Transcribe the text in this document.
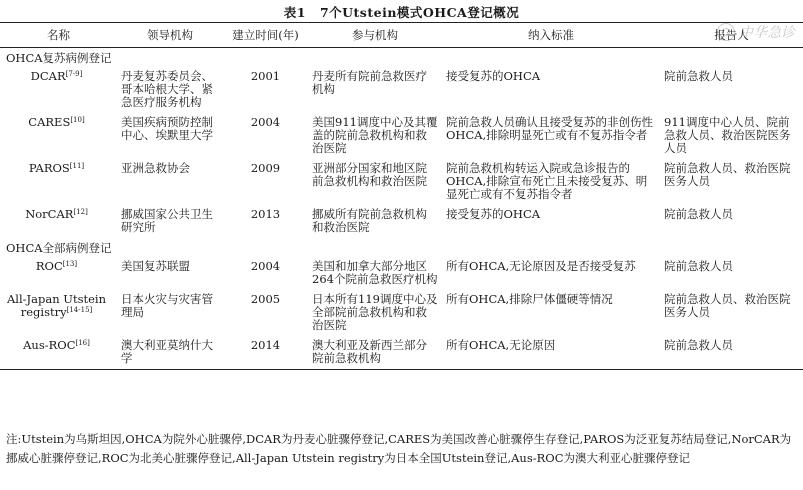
表1 7个Utstein模式OHCA登记概况
中华急诊
名称	领导机构	建立时间(年)	参与机构	纳入标准	报告人
OHCA复苏病例登记					
DCAR[7-9]	丹麦复苏委员会、哥本哈根大学、紧急医疗服务机构	2001	丹麦所有院前急救医疗机构	接受复苏的OHCA	院前急救人员
CARES[10]	美国疾病预防控制中心、埃默里大学	2004	美国911调度中心及其覆盖的院前急救机构和救治医院	院前急救人员确认且接受复苏的非创伤性OHCA,排除明显死亡或有不复苏指令者	911调度中心人员、院前急救人员、救治医院医务人员
PAROS[11]	亚洲急救协会	2009	亚洲部分国家和地区院前急救机构和救治医院	院前急救机构转运入院或急诊报告的OHCA,排除宣布死亡且未接受复苏、明显死亡或有不复苏指令者	院前急救人员、救治医院医务人员
NorCAR[12]	挪威国家公共卫生研究所	2013	挪威所有院前急救机构和救治医院	接受复苏的OHCA	院前急救人员
OHCA全部病例登记					
ROC[13]	美国复苏联盟	2004	美国和加拿大部分地区264个院前急救医疗机构	所有OHCA,无论原因及是否接受复苏	院前急救人员
All-Japan Utstein registry[14-15]	日本火灾与灾害管理局	2005	日本所有119调度中心及全部院前急救机构和救治医院	所有OHCA,排除尸体僵硬等情况	院前急救人员、救治医院医务人员
Aus-ROC[16]	澳大利亚莫纳什大学	2014	澳大利亚及新西兰部分院前急救机构	所有OHCA,无论原因	院前急救人员
注:Utstein为乌斯坦因,OHCA为院外心脏骤停,DCAR为丹麦心脏骤停登记,CARES为美国改善心脏骤停生存登记,PAROS为泛亚复苏结局登记,NorCAR为挪威心脏骤停登记,ROC为北美心脏骤停登记,All-Japan Utstein registry为日本全国Utstein登记,Aus-ROC为澳大利亚心脏骤停登记
